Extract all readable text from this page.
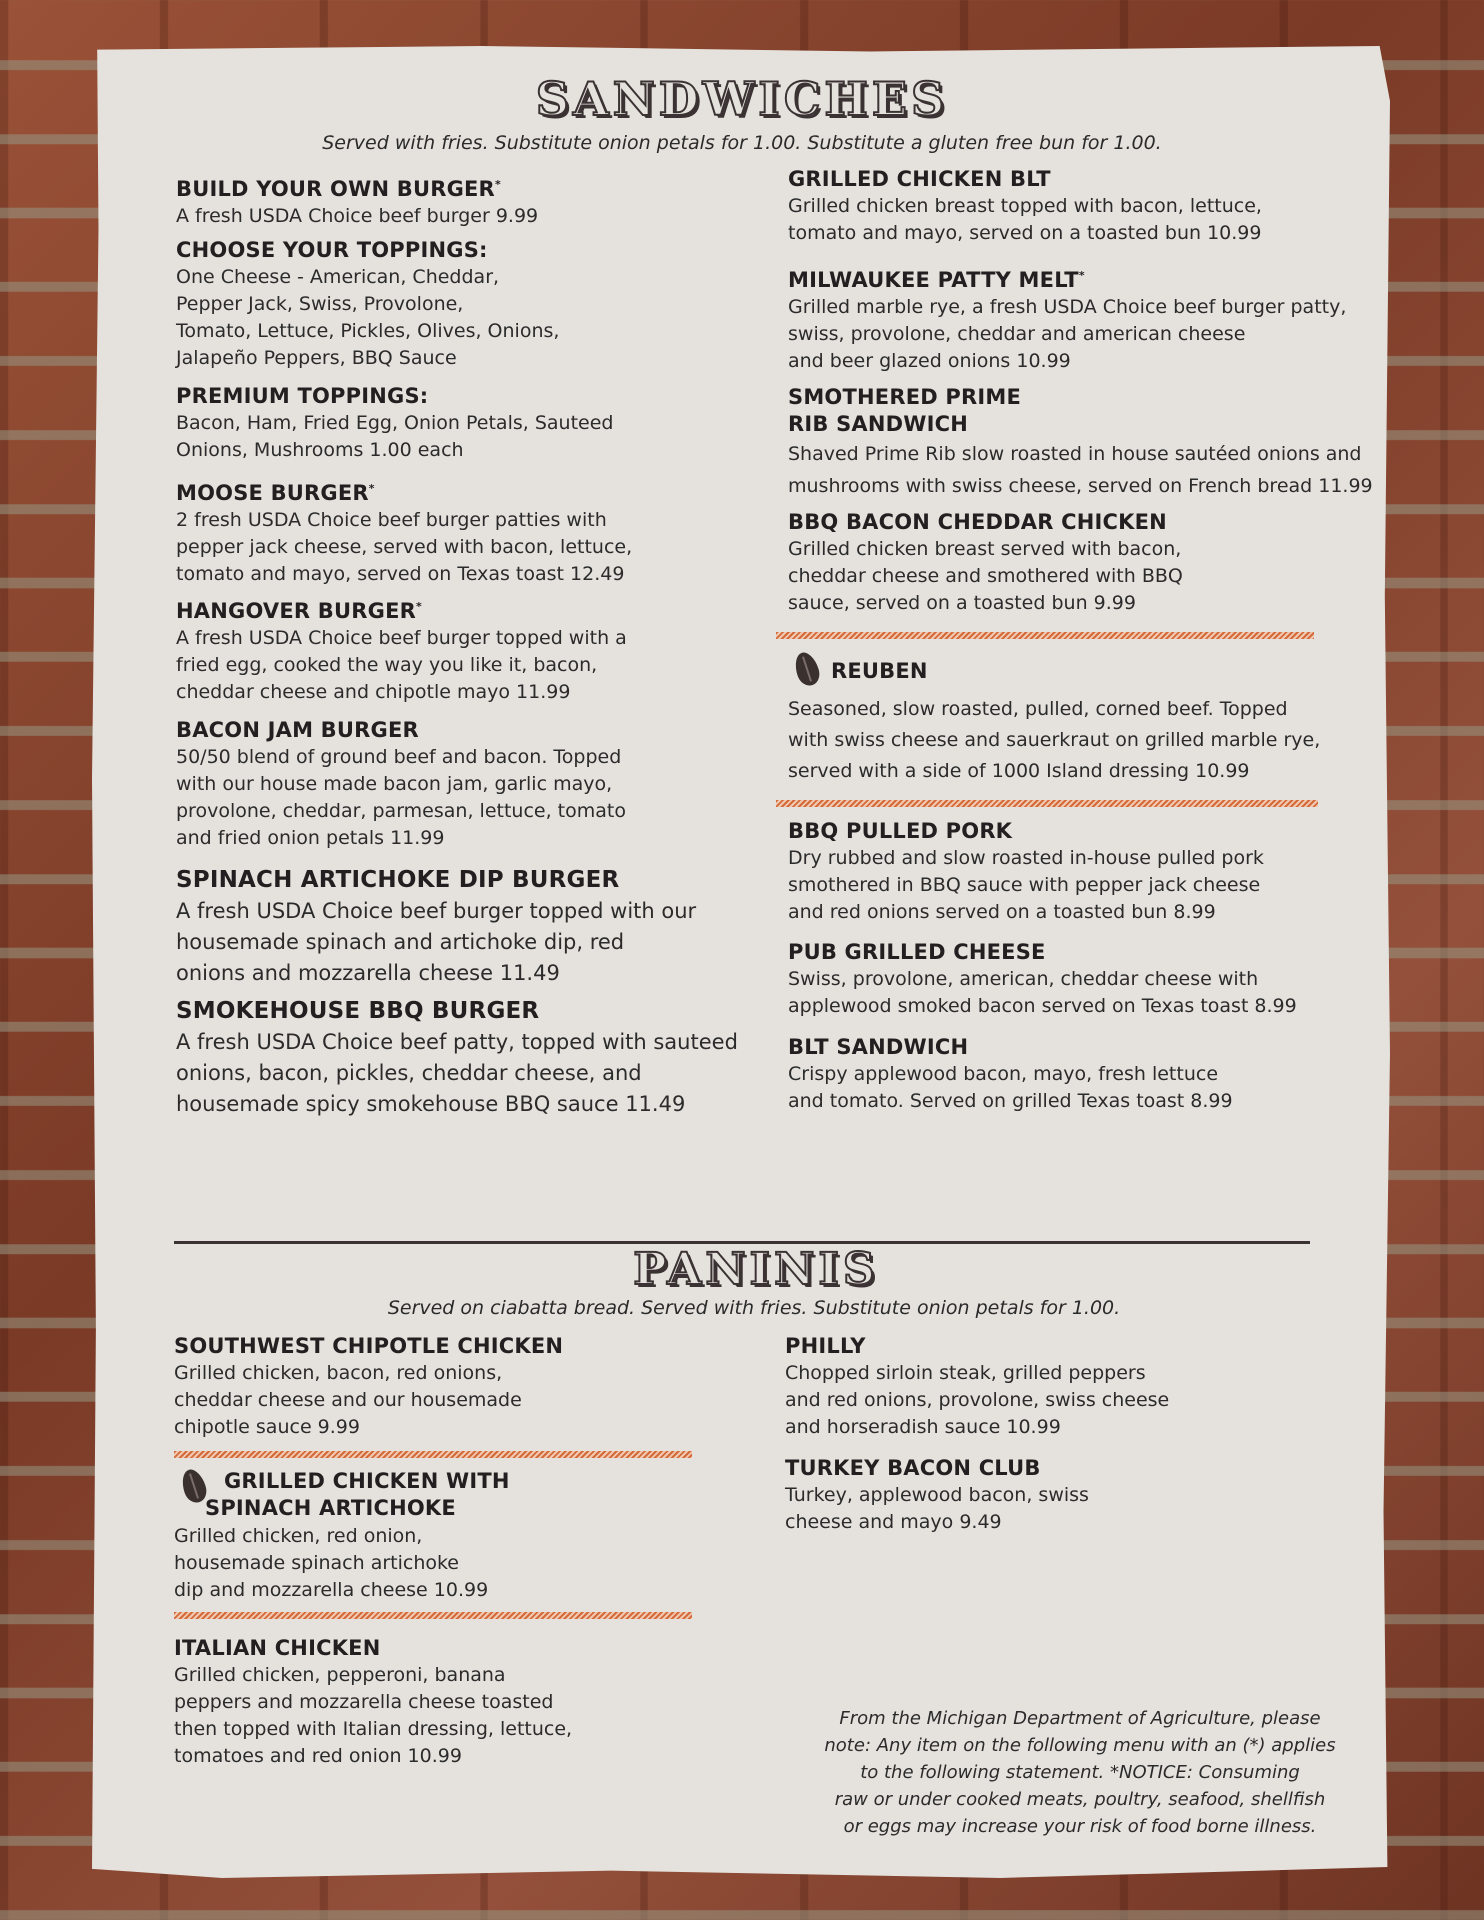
SANDWICHES
Served with fries. Substitute onion petals for 1.00. Substitute a gluten free bun for 1.00.
BUILD YOUR OWN BURGER*
A fresh USDA Choice beef burger 9.99
CHOOSE YOUR TOPPINGS:
One Cheese - American, Cheddar,
Pepper Jack, Swiss, Provolone,
Tomato, Lettuce, Pickles, Olives, Onions,
Jalapeño Peppers, BBQ Sauce
PREMIUM TOPPINGS:
Bacon, Ham, Fried Egg, Onion Petals, Sauteed
Onions, Mushrooms 1.00 each
MOOSE BURGER*
2 fresh USDA Choice beef burger patties with
pepper jack cheese, served with bacon, lettuce,
tomato and mayo, served on Texas toast 12.49
HANGOVER BURGER*
A fresh USDA Choice beef burger topped with a
fried egg, cooked the way you like it, bacon,
cheddar cheese and chipotle mayo 11.99
BACON JAM BURGER
50/50 blend of ground beef and bacon. Topped
with our house made bacon jam, garlic mayo,
provolone, cheddar, parmesan, lettuce, tomato
and fried onion petals 11.99
SPINACH ARTICHOKE DIP BURGER
A fresh USDA Choice beef burger topped with our
housemade spinach and artichoke dip, red
onions and mozzarella cheese 11.49
SMOKEHOUSE BBQ BURGER
A fresh USDA Choice beef patty, topped with sauteed
onions, bacon, pickles, cheddar cheese, and
housemade spicy smokehouse BBQ sauce 11.49
GRILLED CHICKEN BLT
Grilled chicken breast topped with bacon, lettuce,
tomato and mayo, served on a toasted bun 10.99
MILWAUKEE PATTY MELT*
Grilled marble rye, a fresh USDA Choice beef burger patty,
swiss, provolone, cheddar and american cheese
and beer glazed onions 10.99
SMOTHERED PRIME
RIB SANDWICH
Shaved Prime Rib slow roasted in house sautéed onions and
mushrooms with swiss cheese, served on French bread 11.99
BBQ BACON CHEDDAR CHICKEN
Grilled chicken breast served with bacon,
cheddar cheese and smothered with BBQ
sauce, served on a toasted bun 9.99
REUBEN
Seasoned, slow roasted, pulled, corned beef. Topped
with swiss cheese and sauerkraut on grilled marble rye,
served with a side of 1000 Island dressing 10.99
BBQ PULLED PORK
Dry rubbed and slow roasted in-house pulled pork
smothered in BBQ sauce with pepper jack cheese
and red onions served on a toasted bun 8.99
PUB GRILLED CHEESE
Swiss, provolone, american, cheddar cheese with
applewood smoked bacon served on Texas toast 8.99
BLT SANDWICH
Crispy applewood bacon, mayo, fresh lettuce
and tomato. Served on grilled Texas toast 8.99
PANINIS
Served on ciabatta bread. Served with fries. Substitute onion petals for 1.00.
SOUTHWEST CHIPOTLE CHICKEN
Grilled chicken, bacon, red onions,
cheddar cheese and our housemade
chipotle sauce 9.99
GRILLED CHICKEN WITH
SPINACH ARTICHOKE
Grilled chicken, red onion,
housemade spinach artichoke
dip and mozzarella cheese 10.99
ITALIAN CHICKEN
Grilled chicken, pepperoni, banana
peppers and mozzarella cheese toasted
then topped with Italian dressing, lettuce,
tomatoes and red onion 10.99
PHILLY
Chopped sirloin steak, grilled peppers
and red onions, provolone, swiss cheese
and horseradish sauce 10.99
TURKEY BACON CLUB
Turkey, applewood bacon, swiss
cheese and mayo 9.49
From the Michigan Department of Agriculture, please
note: Any item on the following menu with an (*) applies
to the following statement. *NOTICE: Consuming
raw or under cooked meats, poultry, seafood, shellfish
or eggs may increase your risk of food borne illness.
